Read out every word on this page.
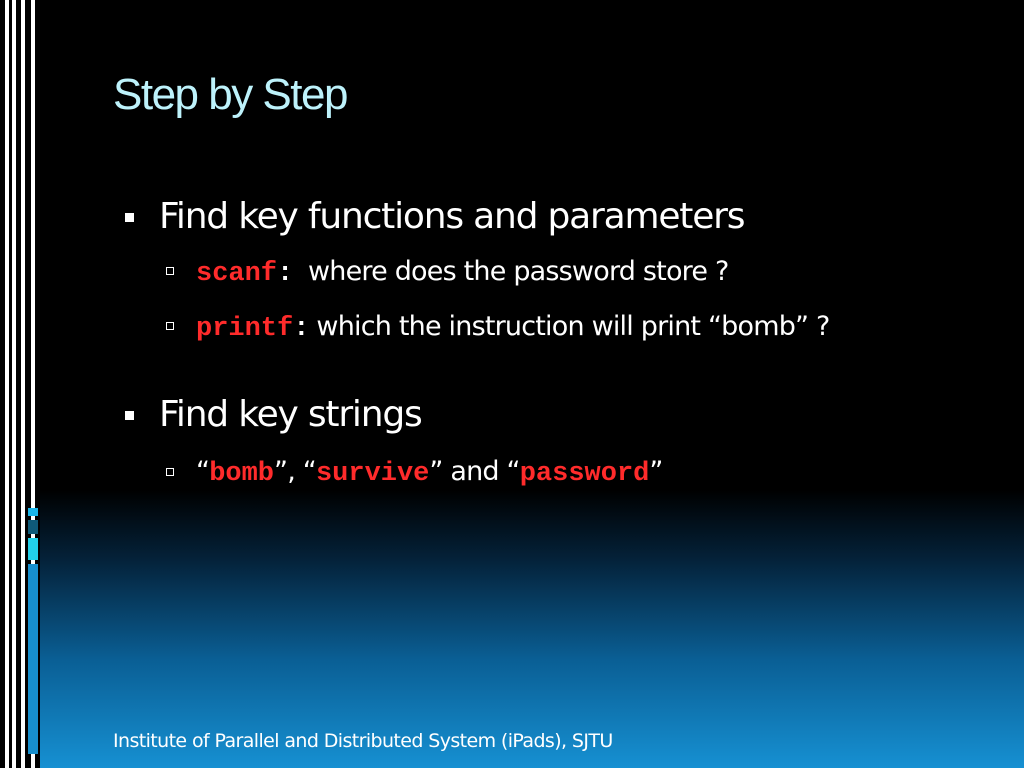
Step by Step
Find key functions and parameters
scanf: where does the password store ?
printf: which the instruction will print “bomb” ?
Find key strings
“bomb”, “survive” and “password”
Institute of Parallel and Distributed System (iPads), SJTU
